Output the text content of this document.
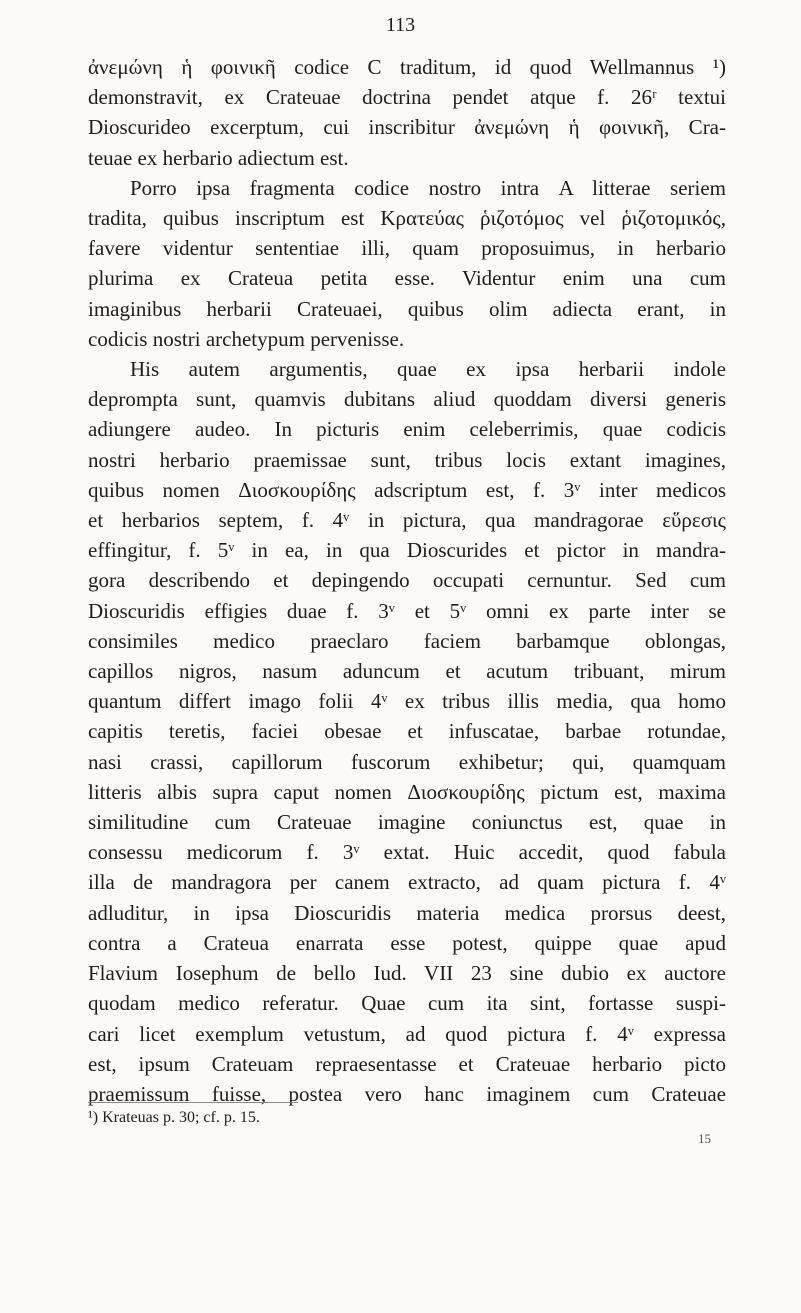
113
ἀνεμώνη ἡ φοινικῆ codice C traditum, id quod Wellmannus ¹)
demonstravit, ex Crateuae doctrina pendet atque f. 26ʳ textui
Dioscurideo excerptum, cui inscribitur ἀνεμώνη ἡ φοινικῆ, Cra-
teuae ex herbario adiectum est.
Porro ipsa fragmenta codice nostro intra Α litterae seriem
tradita, quibus inscriptum est Κρατεύας ῥιζοτόμος vel ῥιζοτομικός,
favere videntur sententiae illi, quam proposuimus, in herbario
plurima ex Crateua petita esse. Videntur enim una cum
imaginibus herbarii Crateuaei, quibus olim adiecta erant, in
codicis nostri archetypum pervenisse.
His autem argumentis, quae ex ipsa herbarii indole
deprompta sunt, quamvis dubitans aliud quoddam diversi generis
adiungere audeo. In picturis enim celeberrimis, quae codicis
nostri herbario praemissae sunt, tribus locis extant imagines,
quibus nomen Διοσκουρίδης adscriptum est, f. 3ᵛ inter medicos
et herbarios septem, f. 4ᵛ in pictura, qua mandragorae εὕρεσις
effingitur, f. 5ᵛ in ea, in qua Dioscurides et pictor in mandra-
gora describendo et depingendo occupati cernuntur. Sed cum
Dioscuridis effigies duae f. 3ᵛ et 5ᵛ omni ex parte inter se
consimiles medico praeclaro faciem barbamque oblongas,
capillos nigros, nasum aduncum et acutum tribuant, mirum
quantum differt imago folii 4ᵛ ex tribus illis media, qua homo
capitis teretis, faciei obesae et infuscatae, barbae rotundae,
nasi crassi, capillorum fuscorum exhibetur; qui, quamquam
litteris albis supra caput nomen Διοσκουρίδης pictum est, maxima
similitudine cum Crateuae imagine coniunctus est, quae in
consessu medicorum f. 3ᵛ extat. Huic accedit, quod fabula
illa de mandragora per canem extracto, ad quam pictura f. 4ᵛ
adluditur, in ipsa Dioscuridis materia medica prorsus deest,
contra a Crateua enarrata esse potest, quippe quae apud
Flavium Iosephum de bello Iud. VII 23 sine dubio ex auctore
quodam medico referatur. Quae cum ita sint, fortasse suspi-
cari licet exemplum vetustum, ad quod pictura f. 4ᵛ expressa
est, ipsum Crateuam repraesentasse et Crateuae herbario picto
praemissum fuisse, postea vero hanc imaginem cum Crateuae
¹) Krateuas p. 30; cf. p. 15.
15
